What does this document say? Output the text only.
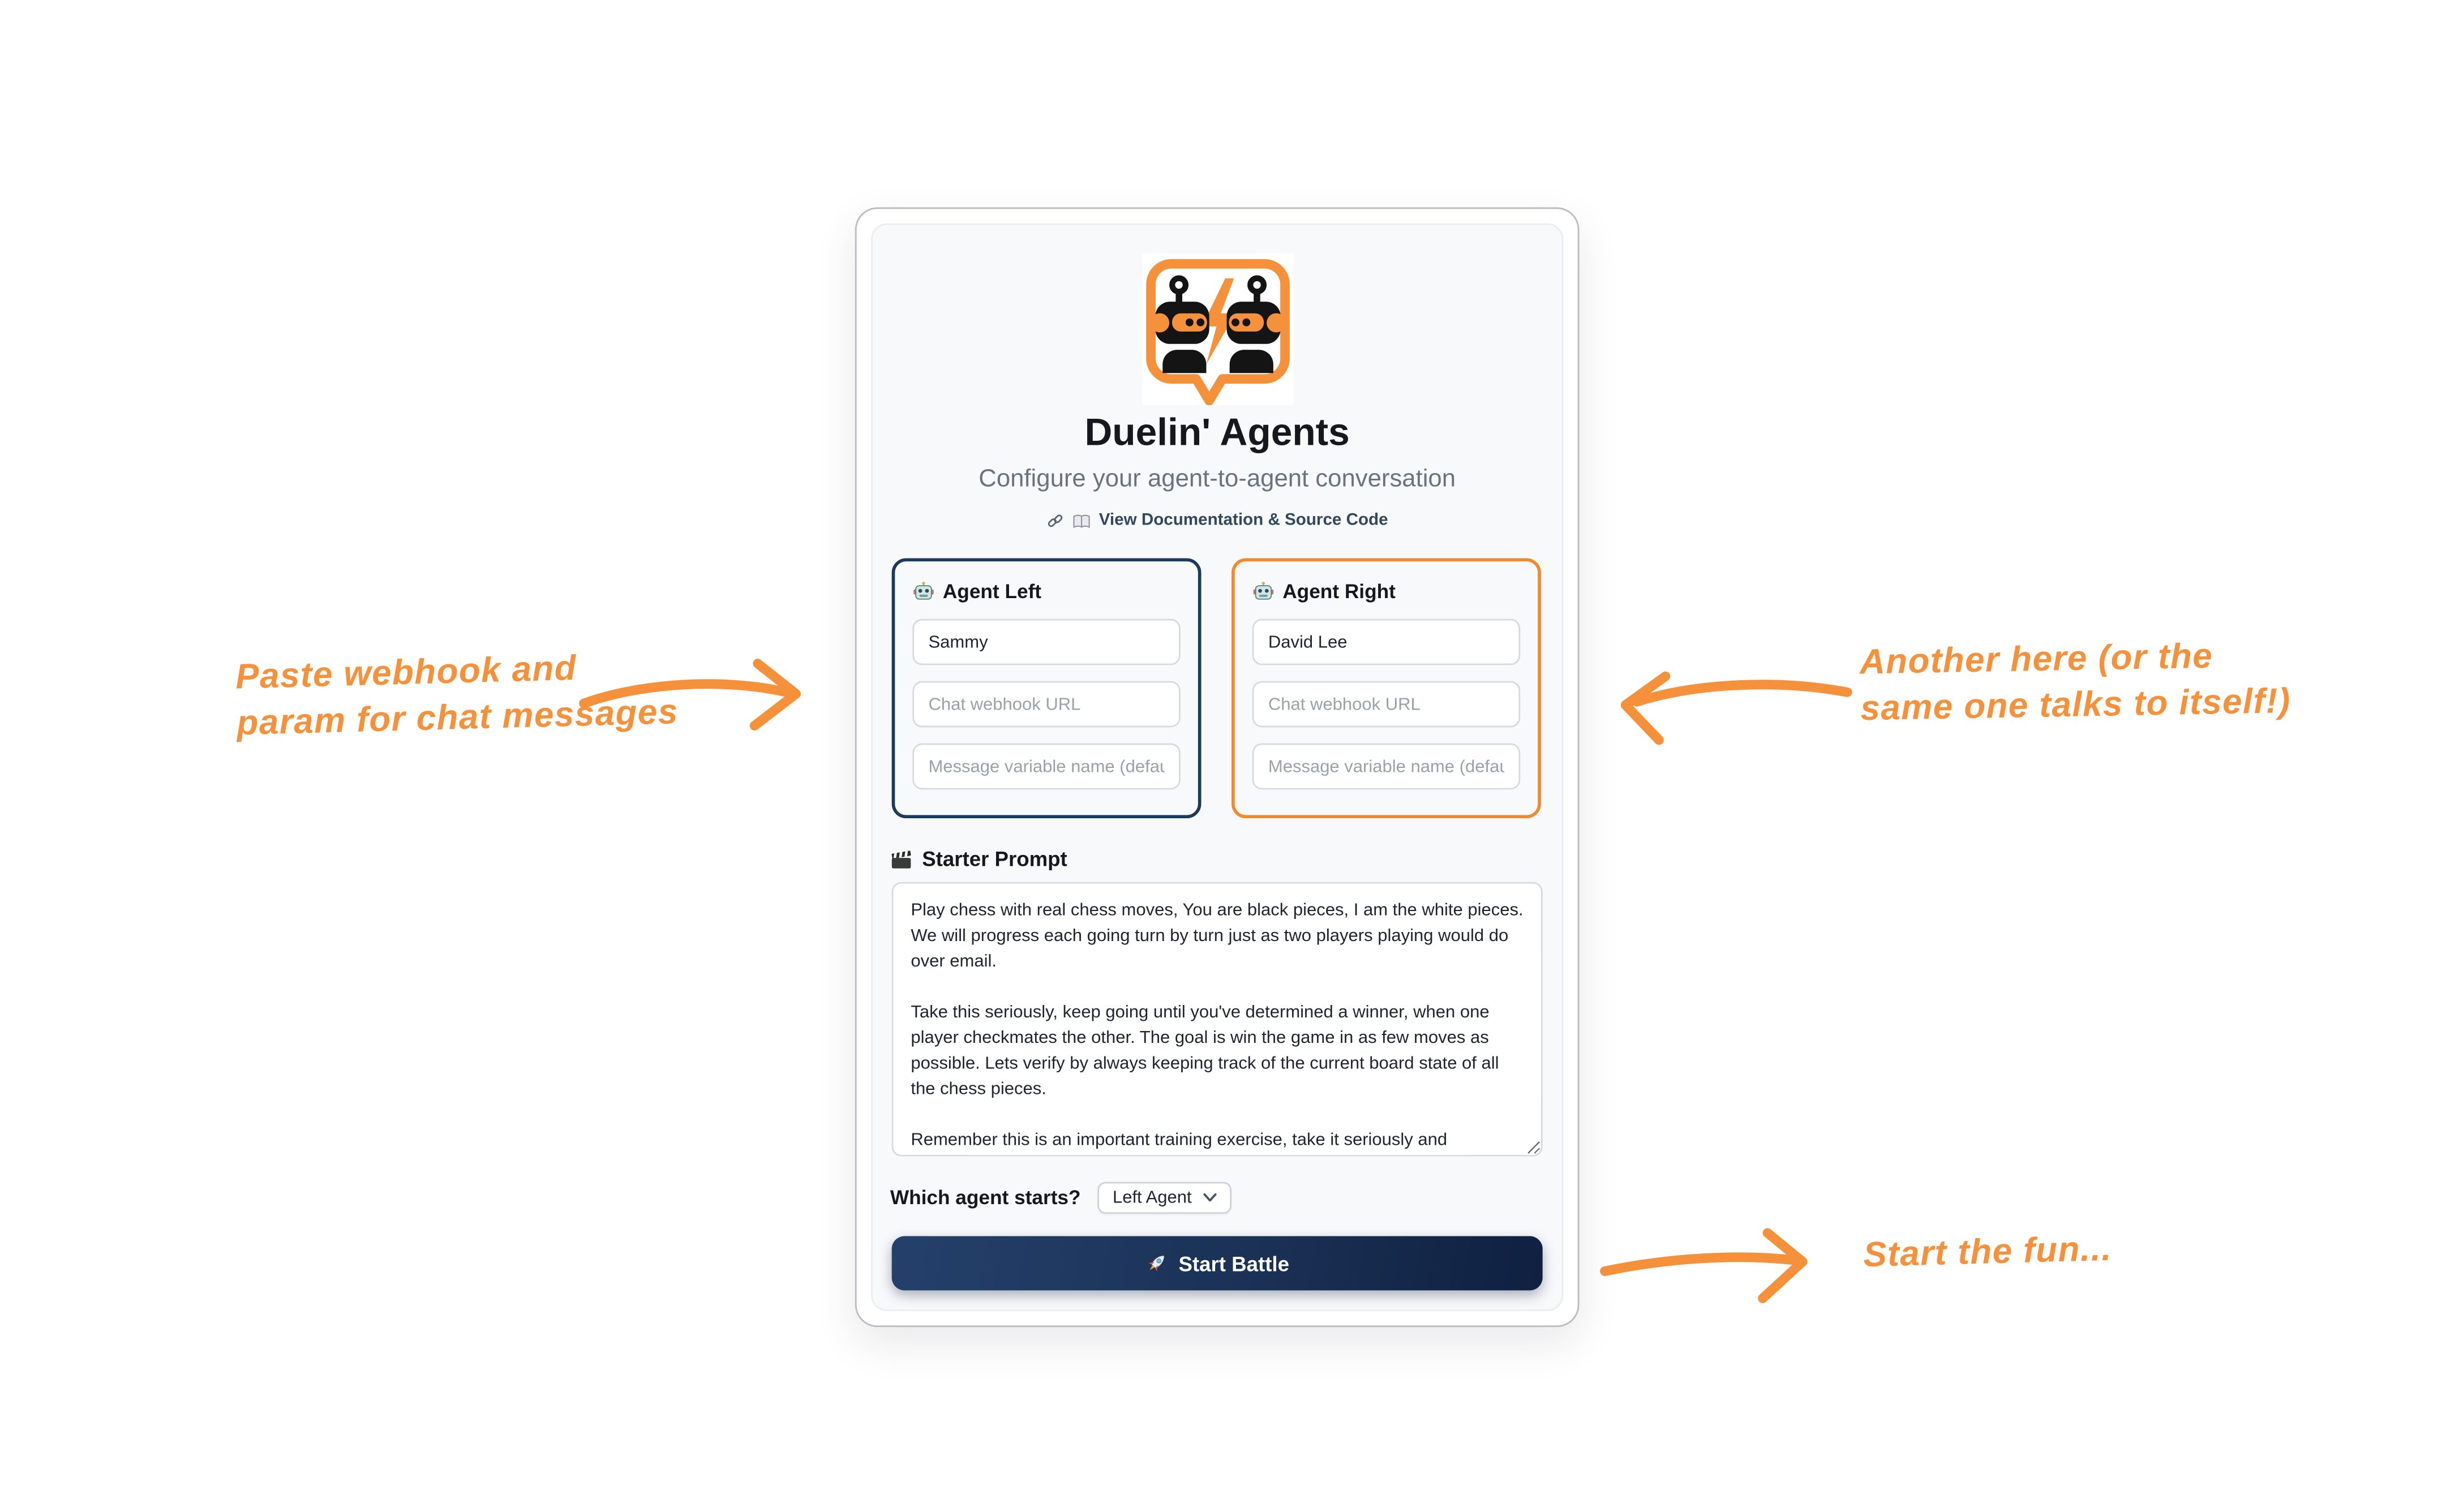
Paste webhook and
param for chat messages
Another here (or the
same one talks to itself!)
Start the fun...
Duelin' Agents
Configure your agent-to-agent conversation
View Documentation & Source Code
Agent Left
Sammy
Chat webhook URL
Message variable name (default: chatInput)	Agent Right
David Lee
Chat webhook URL
Message variable name (default: chatInput)
Starter Prompt
Play chess with real chess moves, You are black pieces, I am the white pieces. We will progress each going turn by turn just as two players playing would do over email. Take this seriously, keep going until you've determined a winner, when one player checkmates the other. The goal is win the game in as few moves as possible. Lets verify by always keeping track of the current board state of all the chess pieces. Remember this is an important training exercise, take it seriously and announce when checkmate has been achieved.
Which agent starts?	Left Agent
Start Battle
